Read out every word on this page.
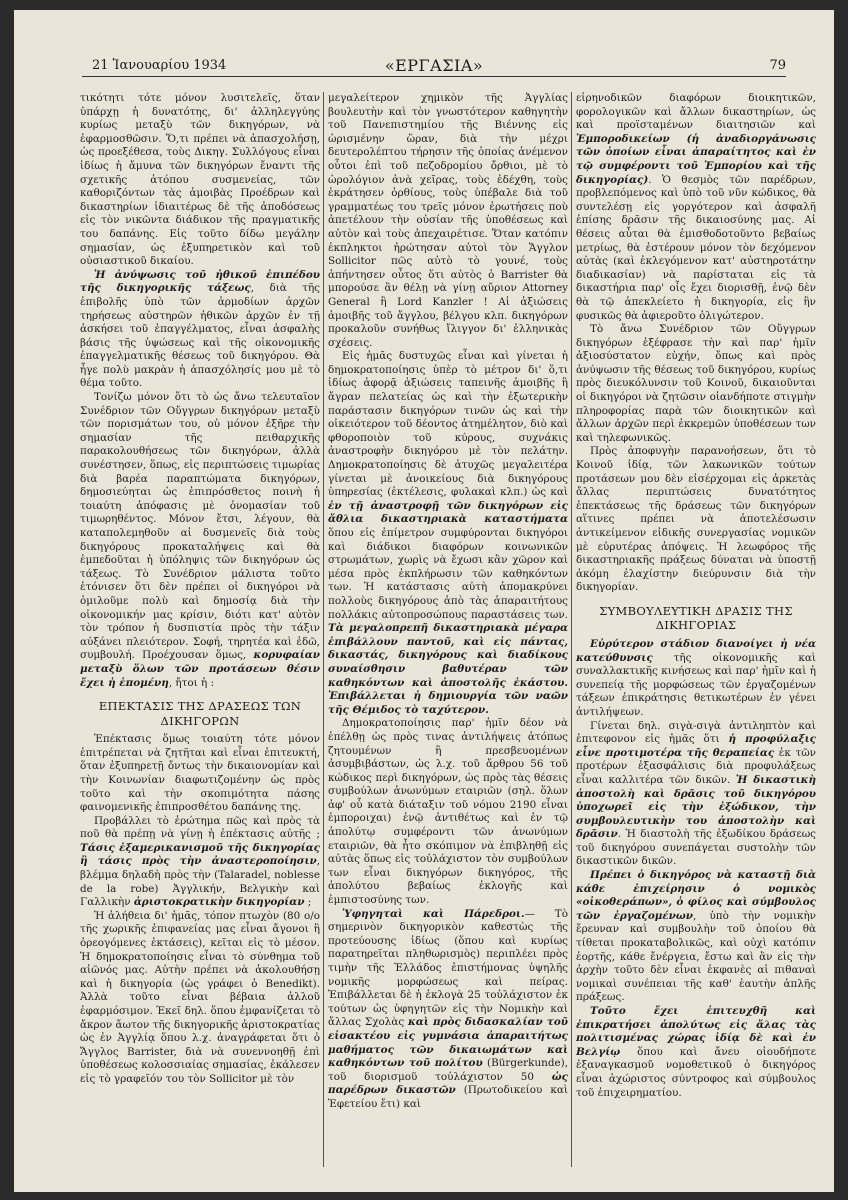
21 Ἰανουαρίου 1934	«ΕΡΓΑΣΙΑ»	79

τικότητι τότε μόνον λυσιτελεῖς, ὅταν ὑπάρχῃ ἡ δυνατότης, δι' ἀλληλεγγύης κυρίως μεταξὺ τῶν δικηγόρων, νὰ ἐφαρμοσθῶσιν. Ὅ,τι πρέπει νὰ ἀπασχολήσῃ, ὡς προεξέθεσα, τοὺς Δικηγ. Συλλόγους εἶναι ἰδίως ἡ ἄμυνα τῶν δικηγόρων ἔναντι τῆς σχετικῆς ἀτόπου συσμενείας, τῶν καθοριζόντων τὰς ἀμοιβὰς Προέδρων καὶ δικαστηρίων ἰδιαιτέρως δὲ τῆς ἀποδόσεως εἰς τὸν νικῶντα διάδικον τῆς πραγματικῆς του δαπάνης. Εἰς τοῦτο δίδω μεγάλην σημασίαν, ὡς ἐξυπηρετικὸν καὶ τοῦ οὐσιαστικοῦ δικαίου.

Ἡ ἀνύψωσις τοῦ ἠθικοῦ ἐπιπέδου τῆς δικηγορικῆς τάξεως, διὰ τῆς ἐπιβολῆς ὑπὸ τῶν ἁρμοδίων ἀρχῶν τηρήσεως αὐστηρῶν ἠθικῶν ἀρχῶν ἐν τῇ ἀσκήσει τοῦ ἐπαγγέλματος, εἶναι ἀσφαλὴς βάσις τῆς ὑψώσεως καὶ τῆς οἰκονομικῆς ἐπαγγελματικῆς θέσεως τοῦ δικηγόρου. Θὰ ἦγε πολὺ μακρὰν ἡ ἀπασχόλησίς μου μὲ τὸ θέμα τοῦτο.

Τονίζω μόνον ὅτι τὸ ὡς ἄνω τελευταῖον Συνέδριον τῶν Οὔγγρων δικηγόρων μεταξὺ τῶν πορισμάτων του, οὐ μόνον ἐξῆρε τὴν σημασίαν τῆς πειθαρχικῆς παρακολουθήσεως τῶν δικηγόρων, ἀλλὰ συνέστησεν, ὅπως, εἰς περιπτώσεις τιμωρίας διὰ βαρέα παραπτώματα δικηγόρων, δημοσιεύηται ὡς ἐπιπρόσθετος ποινὴ ἡ τοιαύτη ἀπόφασις μὲ ὀνομασίαν τοῦ τιμωρηθέντος. Μόνον ἔτσι, λέγουν, θὰ καταπολεμηθοῦν αἱ δυσμενεῖς διὰ τοὺς δικηγόρους προκαταλήψεις καὶ θὰ ἐμπεδοῦται ἡ ὑπόληψις τῶν δικηγόρων ὡς τάξεως. Τὸ Συνέδριον μάλιστα τοῦτο ἐτόνισεν ὅτι δὲν πρέπει οἱ δικηγόροι νὰ ὁμιλοῦμε πολὺ καὶ δημοσίᾳ διὰ τὴν οἰκονομικήν μας κρίσιν, διότι κατ' αὐτὸν τὸν τρόπον ἡ δυσπιστία πρὸς τὴν τάξιν αὐξάνει πλειότερον. Σοφή, τηρητέα καὶ ἐδῶ, συμβουλή. Προέχουσαν ὅμως, κορυφαίαν μεταξὺ ὅλων τῶν προτάσεων θέσιν ἔχει ἡ ἑπομένη, ἤτοι ἡ :

ΕΠΕΚΤΑΣΙΣ ΤΗΣ ΔΡΑΣΕΩΣ ΤΩΝ ΔΙΚΗΓΟΡΩΝ

Ἐπέκτασις ὅμως τοιαύτη τότε μόνον ἐπιτρέπεται νὰ ζητῆται καὶ εἶναι ἐπιτευκτή, ὅταν ἐξυπηρετῇ ὄντως τὴν δικαιονομίαν καὶ τὴν Κοινωνίαν διαφωτιζομένην ὡς πρὸς τοῦτο καὶ τὴν σκοπιμότητα πάσης φαινομενικῆς ἐπιπροσθέτου δαπάνης της.

Προβάλλει τὸ ἐρώτημα πῶς καὶ πρὸς τὰ ποῦ θὰ πρέπῃ νὰ γίνῃ ἡ ἐπέκτασις αὐτῆς ; Τάσις ἐξαμερικανισμοῦ τῆς δικηγορίας ἢ τάσις πρὸς τὴν ἀναστεροποίησιν, βλέμμα δηλαδὴ πρὸς τὴν (Talaradel, noblesse de la robe) Ἀγγλικήν, Βελγικὴν καὶ Γαλλικὴν ἀριστοκρατικὴν δικηγορίαν ;

Ἡ ἀλήθεια δι' ἡμᾶς, τόπον πτωχὸν (80 ο/ο τῆς χωρικῆς ἐπιφανείας μας εἶναι ἄγονοι ἢ ὀρεογόμενες ἐκτάσεις), κεῖται εἰς τὸ μέσον. Ἡ δημοκρατοποίησις εἶναι τὸ σύνθημα τοῦ αἰῶνός μας. Αὐτὴν πρέπει νὰ ἀκολουθήσῃ καὶ ἡ δικηγορία (ὡς γράφει ὁ Benedikt). Ἀλλὰ τοῦτο εἶναι βέβαια ἀλλοῦ ἐφαρμόσιμον. Ἐκεῖ δηλ. ὅπου ἐμφανίζεται τὸ ἄκρον ἄωτον τῆς δικηγορικῆς ἀριστοκρατίας ὡς ἐν Ἀγγλίᾳ ὅπου λ.χ. ἀναγράφεται ὅτι ὁ Ἄγγλος Barrister, διὰ νὰ συνεννοηθῇ ἐπὶ ὑποθέσεως κολοσσιαίας σημασίας, ἐκάλεσεν εἰς τὸ γραφεῖόν του τὸν Sollicitor μὲ τὸν

μεγαλείτερον χημικὸν τῆς Ἀγγλίας βουλευτὴν καὶ τὸν γνωστότερον καθηγητὴν τοῦ Πανεπιστημίου τῆς Βιέννης εἰς ὡρισμένην ὥραν, διὰ τὴν μέχρι δευτερολέπτου τήρησιν τῆς ὁποίας ἀνέμενον οὗτοι ἐπὶ τοῦ πεζοδρομίου ὄρθιοι, μὲ τὸ ὡρολόγιον ἀνὰ χεῖρας, τοὺς ἐδέχθη, τοὺς ἐκράτησεν ὀρθίους, τοὺς ὑπέβαλε διὰ τοῦ γραμματέως του τρεῖς μόνον ἐρωτήσεις ποὺ ἀπετέλουν τὴν οὐσίαν τῆς ὑποθέσεως καὶ αὐτὸν καὶ τοὺς ἀπεχαιρέτισε. Ὅταν κατόπιν ἐκπληκτοι ἠρώτησαν αὐτοὶ τὸν Ἄγγλον Sollicitor πῶς αὐτὸ τὸ γουνέ, τοὺς ἀπήντησεν οὗτος ὅτι αὐτὸς ὁ Barrister θὰ μπορούσε ἂν θέλῃ νὰ γίνῃ αὔριον Attorney General ἢ Lord Kanzler ! Αἱ ἀξιώσεις ἀμοιβῆς τοῦ ἄγγλου, βέλγου κλπ. δικηγόρων προκαλοῦν συνήθως ἴλιγγον δι' ἑλληνικὰς σχέσεις.

Εἰς ἡμᾶς δυστυχῶς εἶναι καὶ γίνεται ἡ δημοκρατοποίησις ὑπὲρ τὸ μέτρον δι' ὅ,τι ἰδίως ἀφορᾷ ἀξιώσεις ταπεινῆς ἀμοιβῆς ἢ ἄγραν πελατείας ὡς καὶ τὴν ἐξωτερικὴν παράστασιν δικηγόρων τινῶν ὡς καὶ τὴν οἰκειότερον τοῦ δέοντος ἀτημέλητον, διὸ καὶ φθοροποιὸν τοῦ κύρους, συχνάκις ἀναστροφὴν δικηγόρου μὲ τὸν πελάτην. Δημοκρατοποίησις δὲ ἀτυχῶς μεγαλειτέρα γίνεται μὲ ἀνοικείους διὰ δικηγόρους ὑπηρεσίας (ἐκτέλεσις, φυλακαὶ κλπ.) ὡς καὶ ἐν τῇ ἀναστροφῇ τῶν δικηγόρων εἰς ἄθλια δικαστηριακὰ καταστήματα ὅπου εἰς ἐπίμετρον συμφύρονται δικηγόροι καὶ διάδικοι διαφόρων κοινωνικῶν στρωμάτων, χωρὶς νὰ ἔχωσι κἂν χῶρον καὶ μέσα πρὸς ἐκπλήρωσιν τῶν καθηκόντων των. Ἡ κατάστασις αὐτὴ ἀπομακρύνει πολλοὺς δικηγόρους ἀπὸ τὰς ἀπαραιτήτους πολλάκις αὐτοπροσώπους παραστάσεις των. Τὰ μεγαλοπρεπῆ δικαστηριακὰ μέγαρα ἐπιβάλλουν παντοῦ, καὶ εἰς πάντας, δικαστάς, δικηγόρους καὶ διαδίκους συναίσθησιν βαθυτέραν τῶν καθηκόντων καὶ ἀποστολῆς ἑκάστου. Ἐπιβάλλεται ἡ δημιουργία τῶν ναῶν τῆς Θέμιδος τὸ ταχύτερον.

Δημοκρατοποίησις παρ' ἡμῖν δέον νὰ ἐπέλθῃ ὡς πρὸς τινας ἀντιλήψεις ἀτόπως ζητουμένων ἢ πρεσβευομένων ἀσυμβιβάστων, ὡς λ.χ. τοῦ ἄρθρου 56 τοῦ κώδικος περὶ δικηγόρων, ὡς πρὸς τὰς θέσεις συμβούλων ἀνωνύμων εταιριῶν (σηλ. ὅλων ἀφ' οὗ κατὰ διάταξιν τοῦ νόμου 2190 εἶναι ἐμποροιχαι) ἐνῷ ἀντιθέτως καὶ ἐν τῷ ἀπολύτῳ συμφέροντι τῶν ἀνωνύμων εταιριῶν, θὰ ἦτο σκόπιμον νὰ ἐπιβληθῇ εἰς αὐτὰς ὅπως εἰς τοὐλάχιστον τὸν συμβούλων των εἶναι δικηγόρων δικηγόρος, τῆς ἀπολύτου βεβαίως ἐκλογῆς καὶ ἐμπιστοσύνης των.

Ὑφηγηταὶ καὶ Πάρεδροι.— Τὸ σημερινὸν δικηγορικὸν καθεστὼς τῆς προτεύουσης ἰδίως (ὅπου καὶ κυρίως παρατηρεῖται πληθωρισμὸς) περιπλέει πρὸς τιμὴν τῆς Ἑλλάδος ἐπιστήμονας ὑψηλῆς νομικῆς μορφώσεως καὶ πείρας. Ἐπιβάλλεται δὲ ἡ ἐκλογὰ 25 τοὐλάχιστον ἐκ τούτων ὡς ὑφηγητῶν εἰς τὴν Νομικὴν καὶ ἄλλας Σχολὰς καὶ πρὸς διδασκαλίαν τοῦ εἰσακτέου εἰς γυμνάσια ἀπαραιτήτως μαθήματος τῶν δικαιωμάτων καὶ καθηκόντων τοῦ πολίτου (Bürgerkunde), τοῦ διορισμοῦ τοὐλάχιστον 50 ὡς παρέδρων δικαστῶν (Πρωτοδικείου καὶ Ἐφετείου ἔτι) καὶ

εἰρηνοδικῶν διαφόρων διοικητικῶν, φορολογικῶν καὶ ἄλλων δικαστηρίων, ὡς καὶ προϊσταμένων διαιτησιῶν καὶ Ἐμποροδικείων (ἡ ἀναδιοργάνωσις τῶν ὁποίων εἶναι ἀπαραίτητος καὶ ἐν τῷ συμφέροντι τοῦ Ἐμπορίου καὶ τῆς δικηγορίας). Ὁ θεσμὸς τῶν παρέδρων, προβλεπόμενος καὶ ὑπὸ τοῦ νῦν κώδικος, θὰ συντελέσῃ εἰς γοργότερον καὶ ἀσφαλῆ ἐπίσης δρᾶσιν τῆς δικαιοσύνης μας. Αἱ θέσεις αὗται θὰ ἐμισθοδοτοῦντο βεβαίως μετρίως, θὰ ἐστέρουν μόνον τὸν δεχόμενον αὐτὰς (καὶ ἐκλεγόμενον κατ' αὐστηροτάτην διαδικασίαν) νὰ παρίσταται εἰς τὰ δικαστήρια παρ' οἷς ἔχει διορισθῇ, ἐνῷ δὲν θὰ τῷ ἀπεκλείετο ἡ δικηγορία, εἰς ἣν φυσικῶς θὰ ἀφιεροῦτο ὀλιγώτερον.

Τὸ ἄνω Συνέδριον τῶν Οὔγγρων δικηγόρων ἐξέφρασε τὴν καὶ παρ' ἡμῖν ἀξιοσύστατον εὐχήν, ὅπως καὶ πρὸς ἀνύψωσιν τῆς θέσεως τοῦ δικηγόρου, κυρίως πρὸς διευκόλυνσιν τοῦ Κοινοῦ, δικαιοῦνται οἱ δικηγόροι νὰ ζητῶσιν οἱανδήποτε στιγμὴν πληροφορίας παρὰ τῶν διοικητικῶν καὶ ἄλλων ἀρχῶν περὶ ἐκκρεμῶν ὑποθέσεων των καὶ τηλεφωνικῶς.

Πρὸς ἀποφυγὴν παρανοήσεων, ὅτι τὸ Κοινοῦ ἰδίᾳ, τῶν λακωνικῶν τούτων προτάσεων μου δὲν εἰσέρχομαι εἰς ἀρκετὰς ἄλλας περιπτώσεις δυνατότητος ἐπεκτάσεως τῆς δράσεως τῶν δικηγόρων αἵτινες πρέπει νὰ ἀποτελέσωσιν ἀντικείμενον εἰδικῆς συνεργασίας νομικῶν μὲ εὐρυτέρας ἀπόψεις. Ἡ λεωφόρος τῆς δικαστηριακῆς πράξεως δύναται νὰ ὑποστῇ ἀκόμη ἐλαχίστην διεύρυνσιν διὰ τὴν δικηγορίαν.

ΣΥΜΒΟΥΛΕΥΤΙΚΗ ΔΡΑΣΙΣ ΤΗΣ ΔΙΚΗΓΟΡΙΑΣ

Εὐρύτερον στάδιον διανοίγει ἡ νέα κατεύθυνσις τῆς οἰκονομικῆς καὶ συναλλακτικῆς κινήσεως καὶ παρ' ἡμῖν καὶ ἡ συνεπείᾳ τῆς μορφώσεως τῶν ἐργαζομένων τάξεων ἐπικράτησις θετικωτέρων ἐν γένει ἀντιλήψεων.

Γίνεται δηλ. σιγὰ-σιγὰ ἀντιληπτὸν καὶ ἐπιτεφονον εἰς ἡμᾶς ὅτι ἡ προφύλαξις εἶνε προτιμοτέρα τῆς θεραπείας ἐκ τῶν προτέρων ἐξασφάλισις διὰ προφυλάξεως εἶναι καλλιτέρα τῶν δικῶν. Ἡ δικαστικὴ ἀποστολὴ καὶ δρᾶσις τοῦ δικηγόρου ὑποχωρεῖ εἰς τὴν ἐξώδικον, τὴν συμβουλευτικὴν του ἀποστολὴν καὶ δρᾶσιν. Ἡ διαστολὴ τῆς ἐξωδίκου δράσεως τοῦ δικηγόρου συνεπάγεται συστολὴν τῶν δικαστικῶν δικῶν.

Πρέπει ὁ δικηγόρος νὰ καταστῇ διὰ κάθε ἐπιχείρησιν ὁ νομικὸς «οἰκοθεράπων», ὁ φίλος καὶ σύμβουλος τῶν ἐργαζομένων, ὑπὸ τὴν νομικὴν ἔρευναν καὶ συμβουλὴν τοῦ ὁποίου θὰ τίθεται προκαταβολικῶς, καὶ οὐχὶ κατόπιν ἑορτῆς, κάθε ἔνέργεια, ἔστω καὶ ἂν εἰς τὴν ἀρχὴν τοῦτο δὲν εἶναι ἐκφανὲς αἱ πιθαναὶ νομικαὶ συνέπειαι τῆς καθ' ἑαυτὴν ἁπλῆς πράξεως.

Τοῦτο ἔχει ἐπιτευχθῆ καὶ ἐπικρατήσει ἀπολύτως εἰς ἄλας τὰς πολιτισμένας χώρας ἰδίᾳ δὲ καὶ ἐν Βελγίῳ ὅπου καὶ ἄνευ οἱουδήποτε ἐξαναγκασμοῦ νομοθετικοῦ ὁ δικηγόρος εἶναι ἀχώριστος σύντροφος καὶ σύμβουλος τοῦ ἐπιχειρηματίου.
